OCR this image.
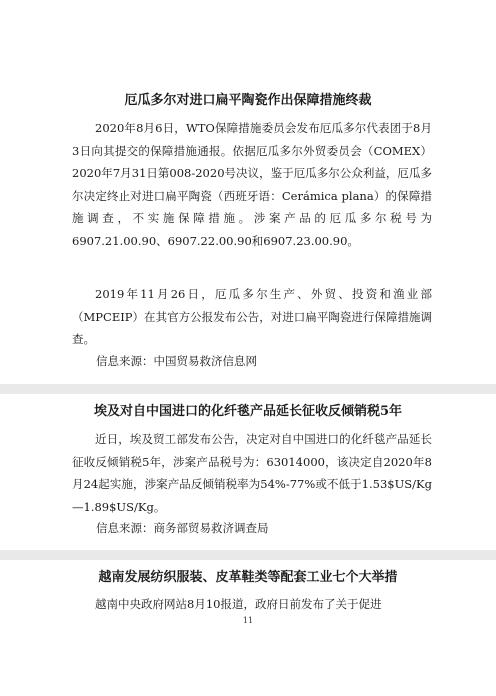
厄瓜多尔对进口扁平陶瓷作出保障措施终裁

2020年8月6日，WTO保障措施委员会发布厄瓜多尔代表团于8月3日向其提交的保障措施通报。依据厄瓜多尔外贸委员会（COMEX）2020年7月31日第008-2020号决议，鉴于厄瓜多尔公众利益，厄瓜多尔决定终止对进口扁平陶瓷（西班牙语：Cerámica plana）的保障措施调查，不实施保障措施。涉案产品的厄瓜多尔税号为6907.21.00.90、6907.22.00.90和6907.23.00.90。

2019年11月26日，厄瓜多尔生产、外贸、投资和渔业部（MPCEIP）在其官方公报发布公告，对进口扁平陶瓷进行保障措施调查。

信息来源：中国贸易救济信息网
埃及对自中国进口的化纤毯产品延长征收反倾销税5年

近日，埃及贸工部发布公告，决定对自中国进口的化纤毯产品延长征收反倾销税5年，涉案产品税号为：63014000，该决定自2020年8月24起实施，涉案产品反倾销税率为54%-77%或不低于1.53$US/Kg—1.89$US/Kg。

信息来源：商务部贸易救济调查局
越南发展纺织服装、皮革鞋类等配套工业七个大举措

越南中央政府网站8月10报道，政府日前发布了关于促进

11
